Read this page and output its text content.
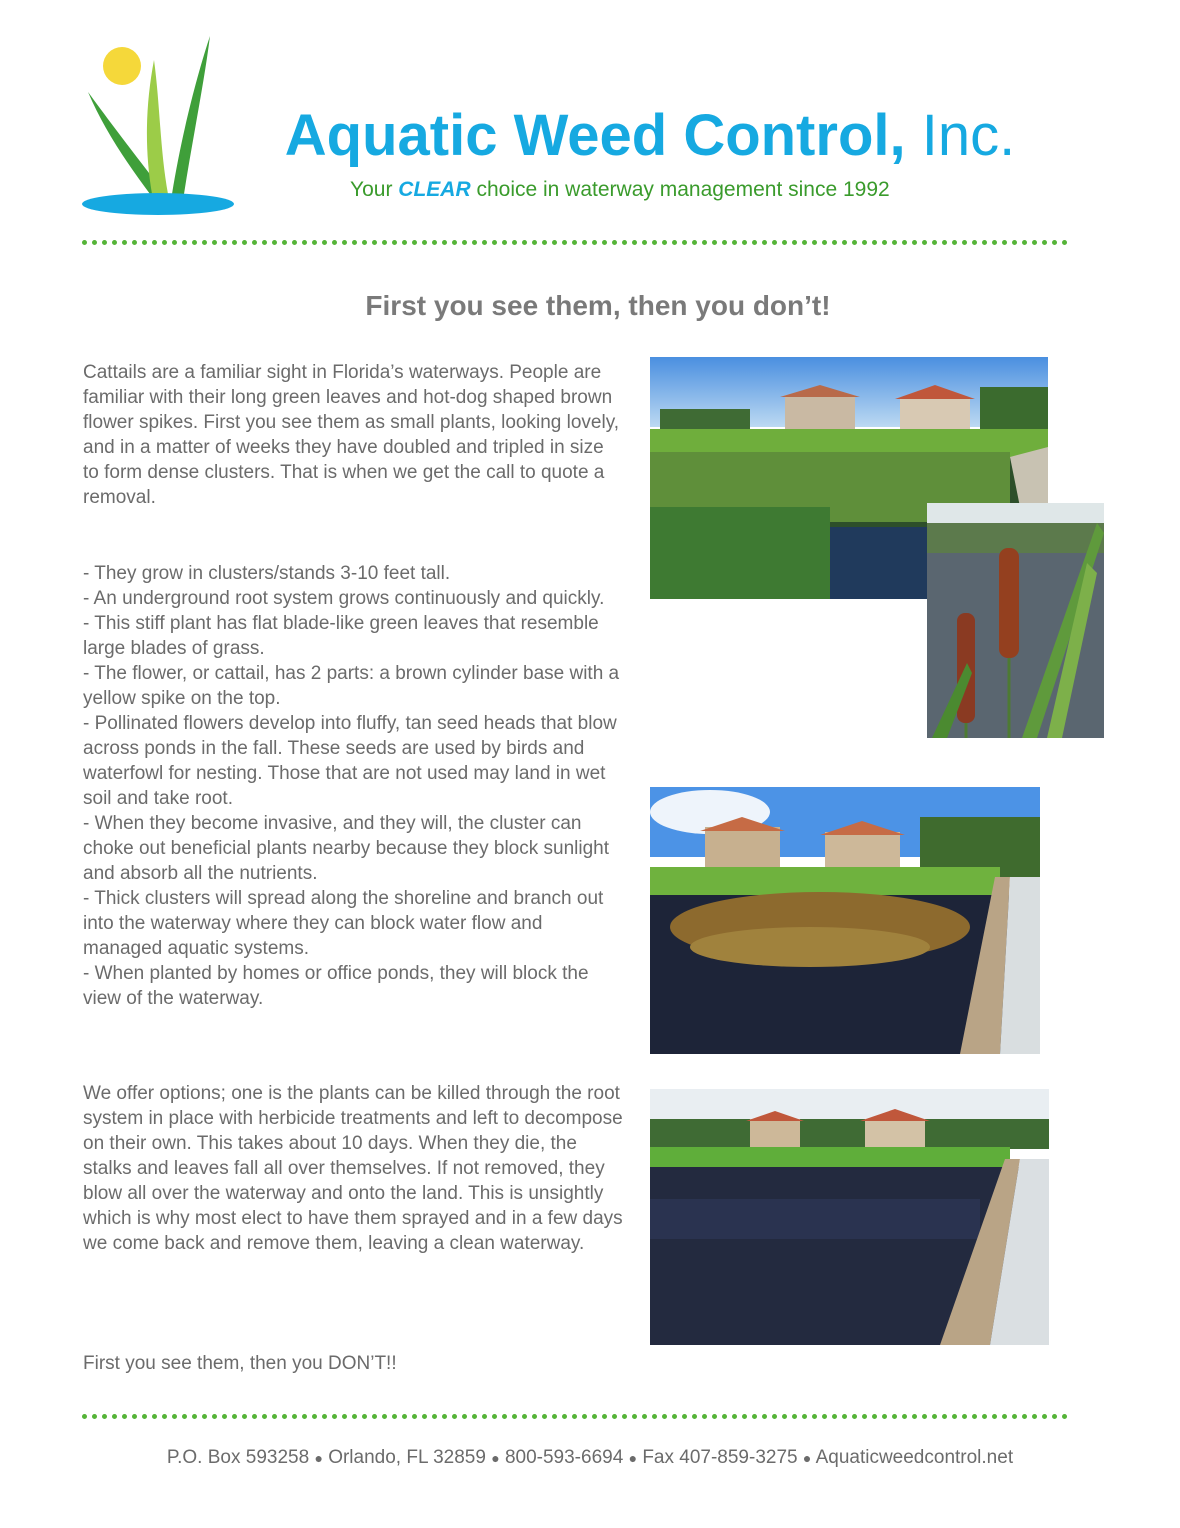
Aquatic Weed Control, Inc.
Your CLEAR choice in waterway management since 1992
First you see them, then you don’t!

Cattails are a familiar sight in Florida’s waterways. People are familiar with their long green leaves and hot-dog shaped brown flower spikes. First you see them as small plants, looking lovely, and in a matter of weeks they have doubled and tripled in size to form dense clusters. That is when we get the call to quote a removal.

- They grow in clusters/stands 3-10 feet tall.

- An underground root system grows continuously and quickly.

- This stiff plant has flat blade-like green leaves that resemble large blades of grass.

- The flower, or cattail, has 2 parts: a brown cylinder base with a yellow spike on the top.

- Pollinated flowers develop into fluffy, tan seed heads that blow across ponds in the fall. These seeds are used by birds and waterfowl for nesting. Those that are not used may land in wet soil and take root.

- When they become invasive, and they will, the cluster can choke out beneficial plants nearby because they block sunlight and absorb all the nutrients.

- Thick clusters will spread along the shoreline and branch out into the waterway where they can block water flow and managed aquatic systems.

- When planted by homes or office ponds, they will block the view of the waterway.

We offer options; one is the plants can be killed through the root system in place with herbicide treatments and left to decompose on their own. This takes about 10 days. When they die, the stalks and leaves fall all over themselves. If not removed, they blow all over the waterway and onto the land. This is unsightly which is why most elect to have them sprayed and in a few days we come back and remove them, leaving a clean waterway.

First you see them, then you DON’T!!
P.O. Box 593258 ● Orlando, FL 32859 ● 800-593-6694 ● Fax 407-859-3275 ● Aquaticweedcontrol.net
